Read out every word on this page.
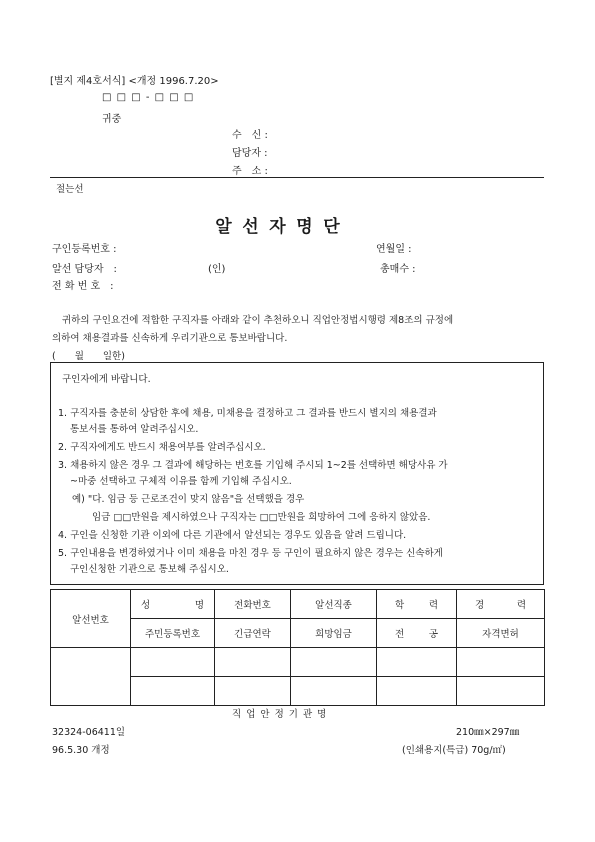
[별지 제4호서식] <개정 1996.7.20>
□ □ □ - □ □ □
귀중
수　신 :
담당자 :
주　소 :
절는선
알 선 자 명 단
구인등록번호 :	연월일 :
알선 담당자　:	(인)	총매수 :
전 화 번 호　:
귀하의 구인요건에 적합한 구직자를 아래와 같이 추천하오니 직업안정법시행령 제8조의 규정에
의하여 채용결과를 신속하게 우리기관으로 통보바랍니다.
(　　월　　일한)
구인자에게 바랍니다.
1. 구직자를 충분히 상담한 후에 채용, 미채용을 결정하고 그 결과를 반드시 별지의 채용결과
통보서를 통하여 알려주십시오.
2. 구직자에게도 반드시 채용여부를 알려주십시오.
3. 채용하지 않은 경우 그 결과에 해당하는 번호를 기입해 주시되 1~2를 선택하면 해당사유 가
~마중 선택하고 구체적 이유를 함께 기입해 주십시오.
예) "다. 임금 등 근로조건이 맞지 않음"을 선택했을 경우
임금 □□만원을 제시하였으나 구직자는 □□만원을 희망하여 그에 응하지 않았음.
4. 구인을 신청한 기관 이외에 다른 기관에서 알선되는 경우도 있음을 알려 드립니다.
5. 구인내용을 변경하였거나 이미 채용을 마친 경우 등 구인이 필요하지 않은 경우는 신속하게
구인신청한 기관으로 통보해 주십시오.
알선번호	성 명	전화번호	알선직종	학 력	경 력

	주민등록번호	긴급연락	희망임금	전 공	자격면허

직 업 안 정 기 관 명
32324-06411일	210㎜×297㎜
96.5.30 개정	(인쇄용지(특급) 70g/㎡)
